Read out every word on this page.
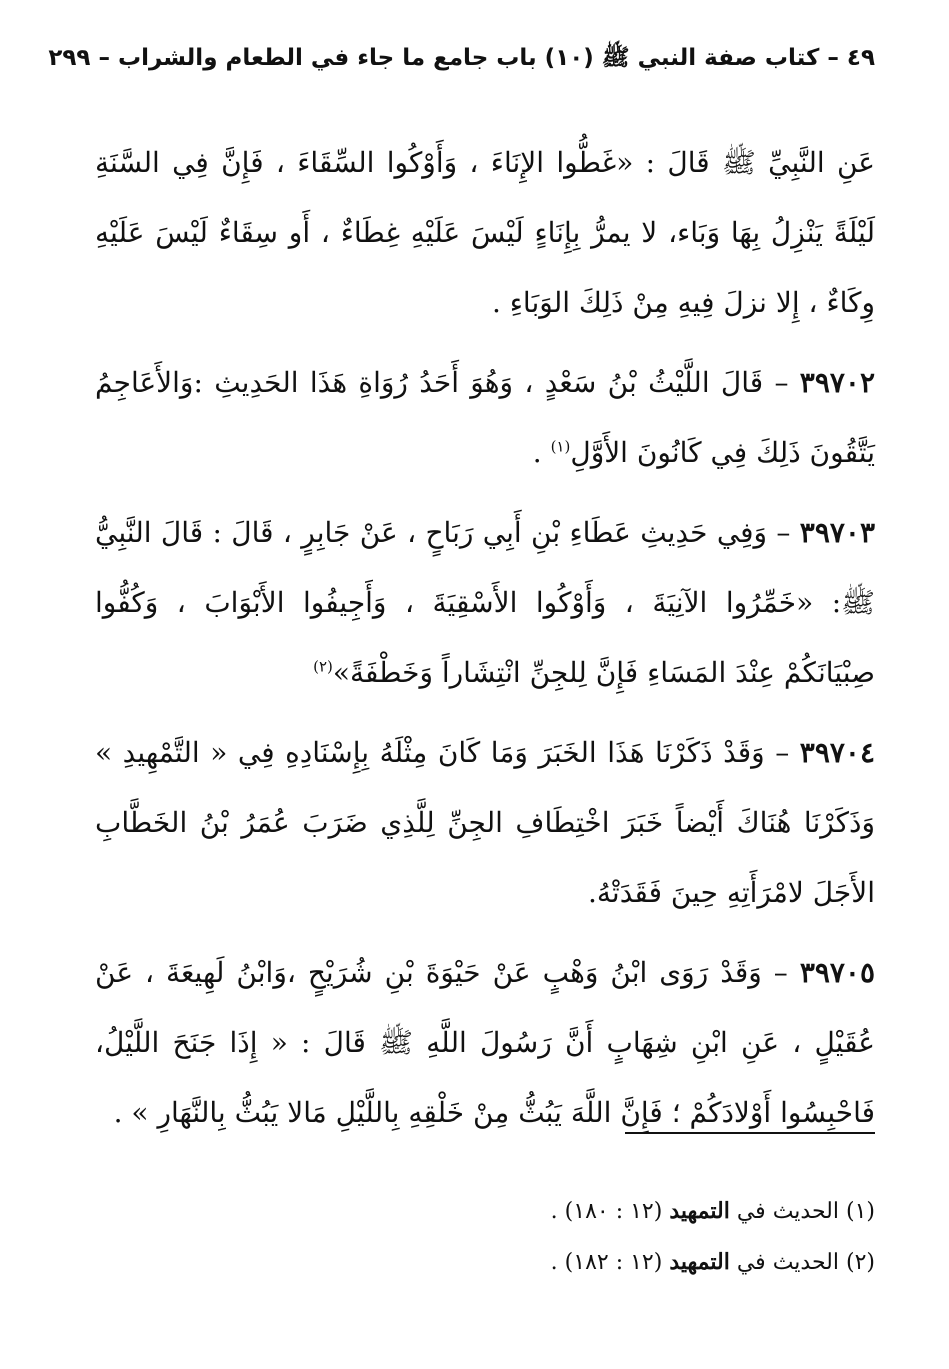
٤٩ – كتاب صفة النبي ﷺ (١٠) باب جامع ما جاء في الطعام والشراب – ٢٩٩

عَنِ النَّبِيِّ ﷺ قَالَ : «غَطُّوا الإِنَاءَ ، وَأَوْكُوا السِّقَاءَ ، فَإِنَّ فِي السَّنَةِ لَيْلَةً يَنْزِلُ بِهَا وَبَاء، لا يمرُّ بِإِنَاءٍ لَيْسَ عَلَيْهِ غِطَاءٌ ، أَو سِقَاءٌ لَيْسَ عَلَيْهِ وِكَاءٌ ، إِلا نزلَ فِيهِ مِنْ ذَلِكَ الوَبَاءِ .

٣٩٧٠٢ – قَالَ اللَّيْثُ بْنُ سَعْدٍ ، وَهُوَ أَحَدُ رُوَاةِ هَذَا الحَدِيثِ :وَالأَعَاجِمُ يَتَّقُونَ ذَلِكَ فِي كَانُونَ الأَوَّلِ$^{(١)}$ .

٣٩٧٠٣ – وَفِي حَدِيثِ عَطَاءِ بْنِ أَبِي رَبَاحٍ ، عَنْ جَابِرٍ ، قَالَ : قَالَ النَّبِيُّ ﷺ: «خَمِّرُوا الآنِيَةَ ، وَأَوْكُوا الأَسْقِيَةَ ، وَأَجِيفُوا الأَبْوَابَ ، وَكُفُّوا صِبْيَانَكُمْ عِنْدَ المَسَاءِ فَإِنَّ لِلجِنِّ انْتِشَاراً وَخَطْفَةً»$^{(٢)}$

٣٩٧٠٤ – وَقَدْ ذَكَرْنَا هَذَا الخَبَرَ وَمَا كَانَ مِثْلَهُ بِإِسْنَادِهِ فِي « التَّمْهِيدِ » وَذَكَرْنَا هُنَاكَ أَيْضاً خَبَرَ اخْتِطَافِ الجِنِّ لِلَّذِي ضَرَبَ عُمَرُ بْنُ الخَطَّابِ الأَجَلَ لامْرَأَتِهِ حِينَ فَقَدَتْهُ.

٣٩٧٠٥ – وَقَدْ رَوَى ابْنُ وَهْبٍ عَنْ حَيْوَةَ بْنِ شُرَيْحٍ ،وَابْنُ لَهِيعَةَ ، عَنْ عُقَيْلٍ ، عَنِ ابْنِ شِهَابٍ أَنَّ رَسُولَ اللَّهِ ﷺ قَالَ : « إِذَا جَنَحَ اللَّيْلُ، فَاحْبِسُوا أَوْلادَكُمْ ؛ فَإِنَّ اللَّهَ يَبُثُّ مِنْ خَلْقِهِ بِاللَّيْلِ مَالا يَبُثُّ بِالنَّهَارِ » .

(١) الحديث في التمهيد (١٢ : ١٨٠) .

(٢) الحديث في التمهيد (١٢ : ١٨٢) .
